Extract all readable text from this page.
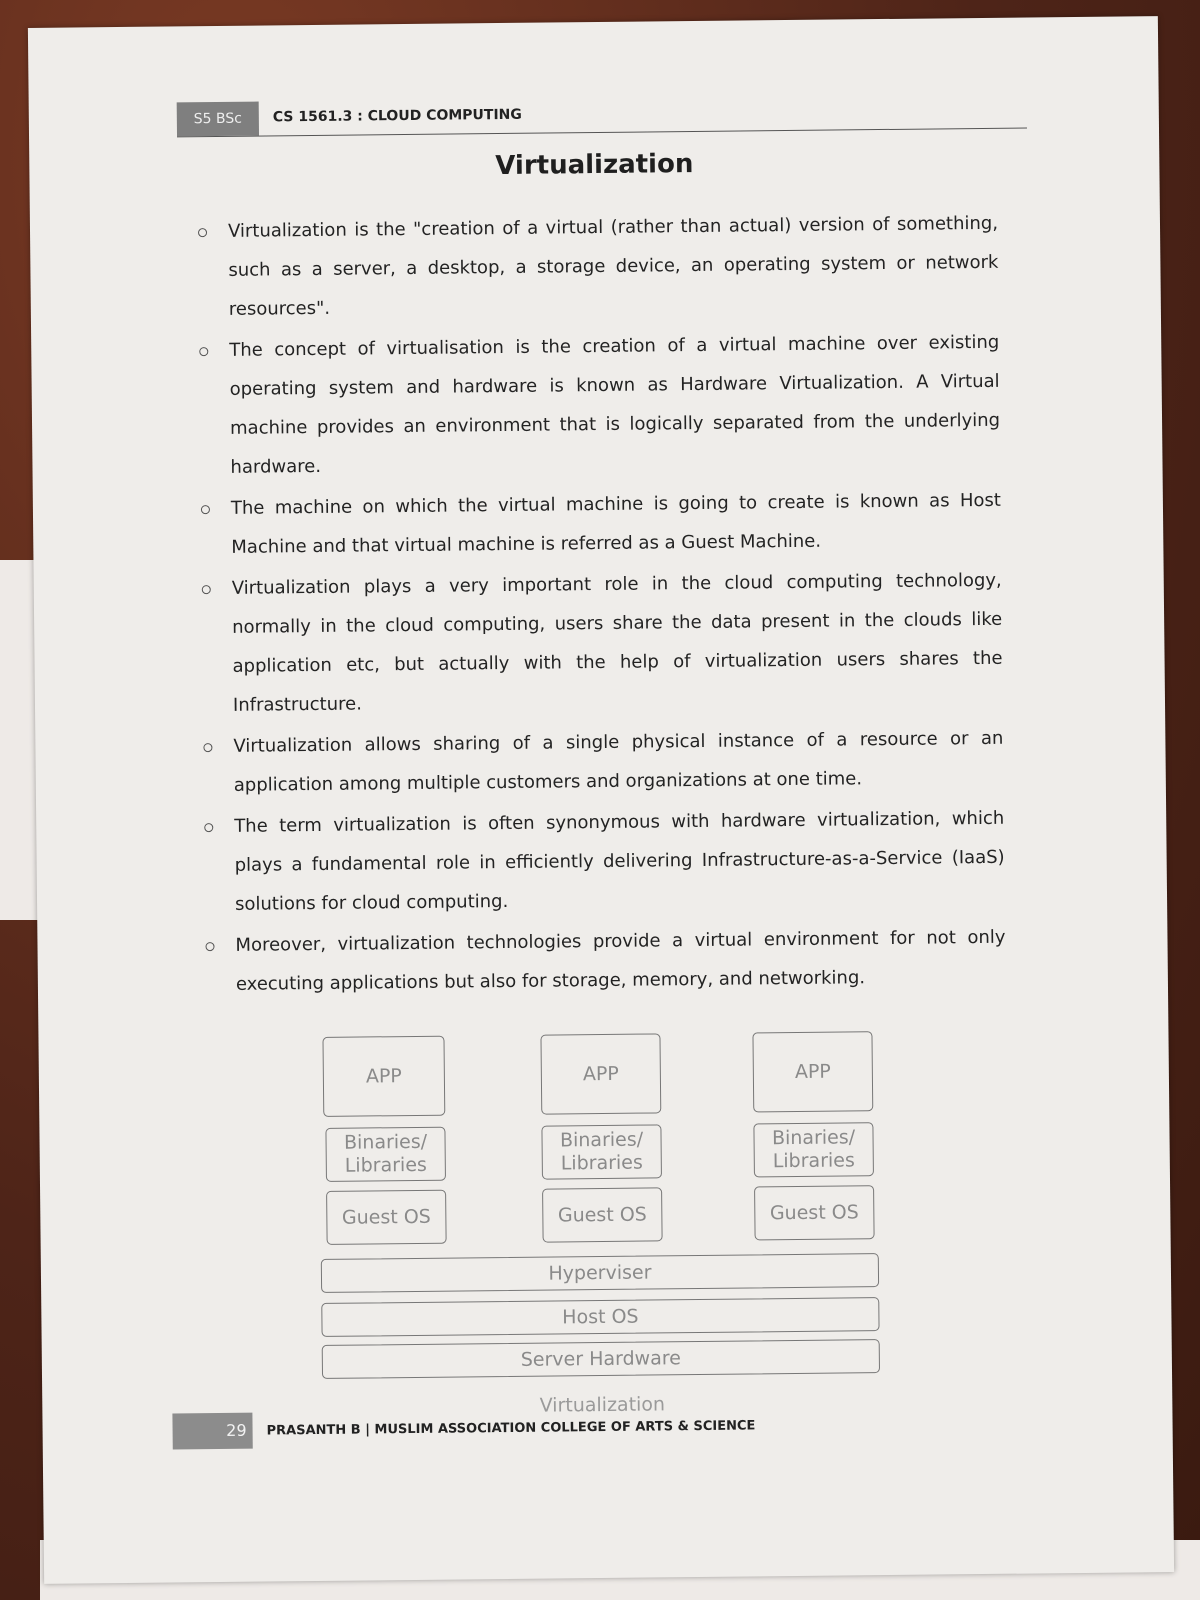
S5 BSc	CS 1561.3 : CLOUD COMPUTING
Virtualization
Virtualization is the "creation of a virtual (rather than actual) version of something, such as a server, a desktop, a storage device, an operating system or network resources".
The concept of virtualisation is the creation of a virtual machine over existing operating system and hardware is known as Hardware Virtualization. A Virtual machine provides an environment that is logically separated from the underlying hardware.
The machine on which the virtual machine is going to create is known as Host Machine and that virtual machine is referred as a Guest Machine.
Virtualization plays a very important role in the cloud computing technology, normally in the cloud computing, users share the data present in the clouds like application etc, but actually with the help of virtualization users shares the Infrastructure.
Virtualization allows sharing of a single physical instance of a resource or an application among multiple customers and organizations at one time.
The term virtualization is often synonymous with hardware virtualization, which plays a fundamental role in efficiently delivering Infrastructure-as-a-Service (IaaS) solutions for cloud computing.
Moreover, virtualization technologies provide a virtual environment for not only executing applications but also for storage, memory, and networking.
APP
Binaries/ Libraries
Guest OS
APP
Binaries/ Libraries
Guest OS
APP
Binaries/ Libraries
Guest OS
Hyperviser
Host OS
Server Hardware
Virtualization
29	PRASANTH B | MUSLIM ASSOCIATION COLLEGE OF ARTS & SCIENCE
